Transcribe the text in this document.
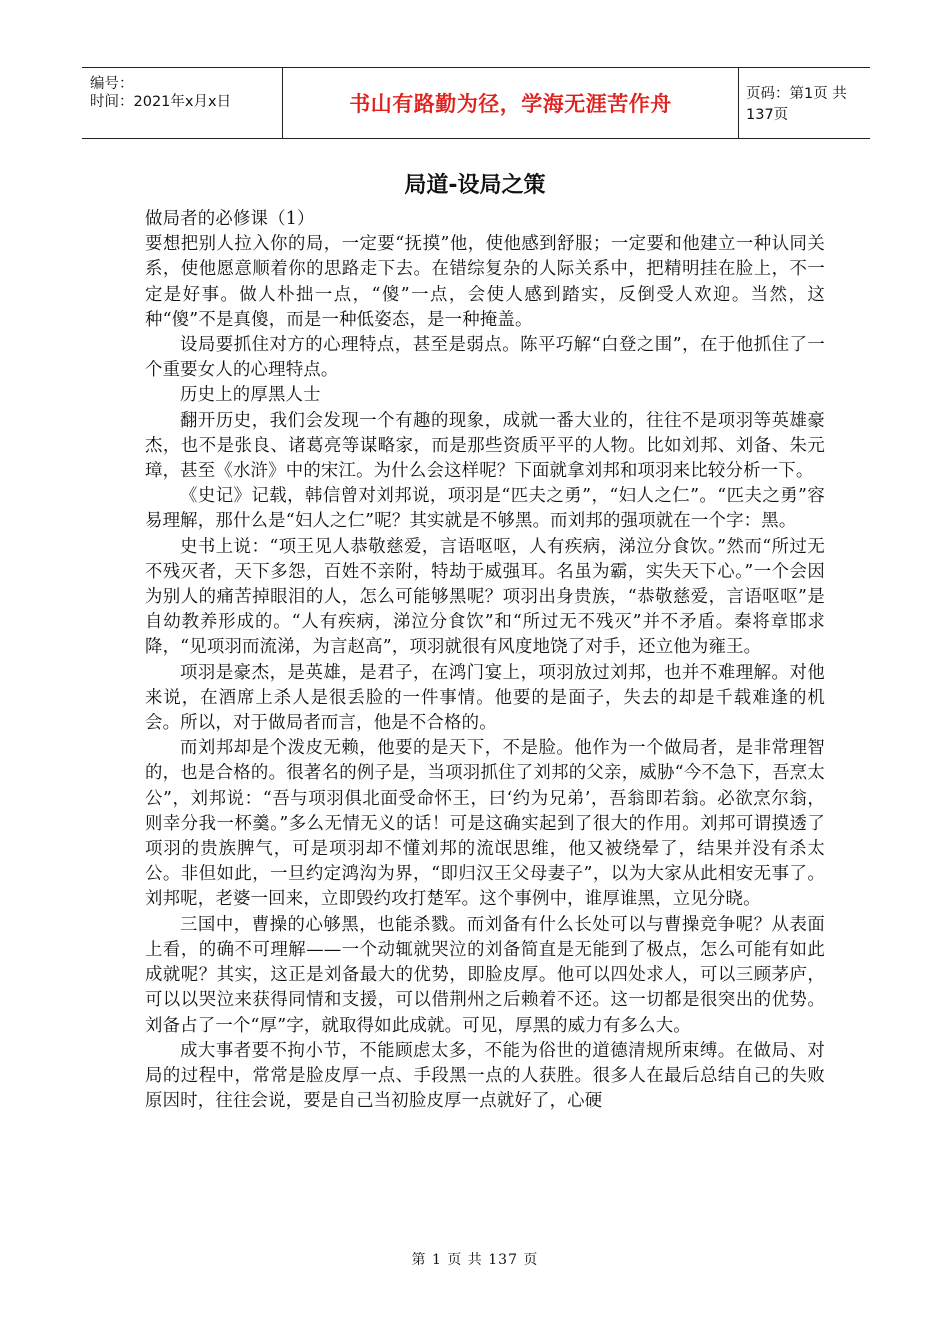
编号：
时间：2021年x月x日	书山有路勤为径，学海无涯苦作舟	页码：第1页 共137页
局道-设局之策

做局者的必修课（1）

要想把别人拉入你的局，一定要“抚摸”他，使他感到舒服；一定要和他建立一种认同关系，使他愿意顺着你的思路走下去。在错综复杂的人际关系中，把精明挂在脸上，不一定是好事。做人朴拙一点，“傻”一点，会使人感到踏实，反倒受人欢迎。当然，这种“傻”不是真傻，而是一种低姿态，是一种掩盖。

设局要抓住对方的心理特点，甚至是弱点。陈平巧解“白登之围”，在于他抓住了一个重要女人的心理特点。

历史上的厚黑人士

翻开历史，我们会发现一个有趣的现象，成就一番大业的，往往不是项羽等英雄豪杰，也不是张良、诸葛亮等谋略家，而是那些资质平平的人物。比如刘邦、刘备、朱元璋，甚至《水浒》中的宋江。为什么会这样呢？下面就拿刘邦和项羽来比较分析一下。

《史记》记载，韩信曾对刘邦说，项羽是“匹夫之勇”，“妇人之仁”。“匹夫之勇”容易理解，那什么是“妇人之仁”呢？其实就是不够黑。而刘邦的强项就在一个字：黑。

史书上说：“项王见人恭敬慈爱，言语呕呕，人有疾病，涕泣分食饮。”然而“所过无不残灭者，天下多怨，百姓不亲附，特劫于威强耳。名虽为霸，实失天下心。”一个会因为别人的痛苦掉眼泪的人，怎么可能够黑呢？项羽出身贵族，“恭敬慈爱，言语呕呕”是自幼教养形成的。“人有疾病，涕泣分食饮”和“所过无不残灭”并不矛盾。秦将章邯求降，“见项羽而流涕，为言赵高”，项羽就很有风度地饶了对手，还立他为雍王。

项羽是豪杰，是英雄，是君子，在鸿门宴上，项羽放过刘邦，也并不难理解。对他来说，在酒席上杀人是很丢脸的一件事情。他要的是面子，失去的却是千载难逢的机会。所以，对于做局者而言，他是不合格的。

而刘邦却是个泼皮无赖，他要的是天下，不是脸。他作为一个做局者，是非常理智的，也是合格的。很著名的例子是，当项羽抓住了刘邦的父亲，威胁“今不急下，吾烹太公”，刘邦说：“吾与项羽俱北面受命怀王，曰‘约为兄弟’，吾翁即若翁。必欲烹尔翁，则幸分我一杯羹。”多么无情无义的话！可是这确实起到了很大的作用。刘邦可谓摸透了项羽的贵族脾气，可是项羽却不懂刘邦的流氓思维，他又被绕晕了，结果并没有杀太公。非但如此，一旦约定鸿沟为界，“即归汉王父母妻子”，以为大家从此相安无事了。刘邦呢，老婆一回来，立即毁约攻打楚军。这个事例中，谁厚谁黑，立见分晓。

三国中，曹操的心够黑，也能杀戮。而刘备有什么长处可以与曹操竞争呢？从表面上看，的确不可理解——一个动辄就哭泣的刘备简直是无能到了极点，怎么可能有如此成就呢？其实，这正是刘备最大的优势，即脸皮厚。他可以四处求人，可以三顾茅庐，可以以哭泣来获得同情和支援，可以借荆州之后赖着不还。这一切都是很突出的优势。刘备占了一个“厚”字，就取得如此成就。可见，厚黑的威力有多么大。

成大事者要不拘小节，不能顾虑太多，不能为俗世的道德清规所束缚。在做局、对局的过程中，常常是脸皮厚一点、手段黑一点的人获胜。很多人在最后总结自己的失败原因时，往往会说，要是自己当初脸皮厚一点就好了，心硬

第 1 页 共 137 页
